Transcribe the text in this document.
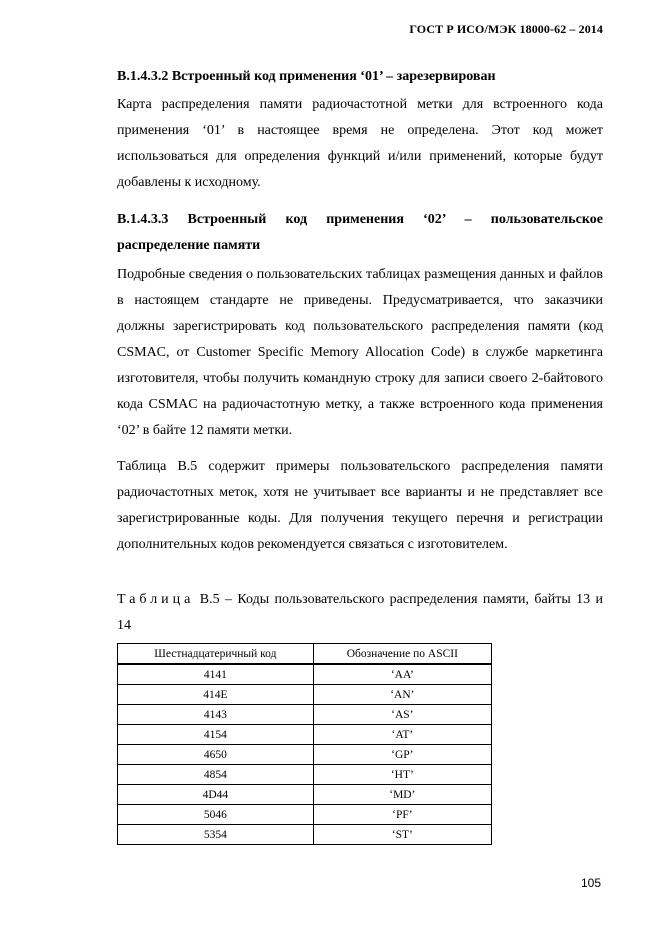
ГОСТ Р ИСО/МЭК 18000-62 – 2014

В.1.4.3.2 Встроенный код применения ‘01’ – зарезервирован

Карта распределения памяти радиочастотной метки для встроенного кода применения ‘01’ в настоящее время не определена. Этот код может использоваться для определения функций и/или применений, которые будут добавлены к исходному.

В.1.4.3.3 Встроенный код применения ‘02’ – пользовательское распределение памяти

Подробные сведения о пользовательских таблицах размещения данных и файлов в настоящем стандарте не приведены. Предусматривается, что заказчики должны зарегистрировать код пользовательского распределения памяти (код CSMAC, от Customer Specific Memory Allocation Code) в службе маркетинга изготовителя, чтобы получить командную строку для записи своего 2-байтового кода CSMAC на радиочастотную метку, а также встроенного кода применения ‘02’ в байте 12 памяти метки.

Таблица В.5 содержит примеры пользовательского распределения памяти радиочастотных меток, хотя не учитывает все варианты и не представляет все зарегистрированные коды. Для получения текущего перечня и регистрации дополнительных кодов рекомендуется связаться с изготовителем.

Таблица В.5 – Коды пользовательского распределения памяти, байты 13 и 14
Шестнадцатеричный код	Обозначение по ASCII
4141	‘AA’
414E	‘AN’
4143	‘AS’
4154	‘AT’
4650	‘GP’
4854	‘HT’
4D44	‘MD’
5046	‘PF’
5354	‘ST’
105
